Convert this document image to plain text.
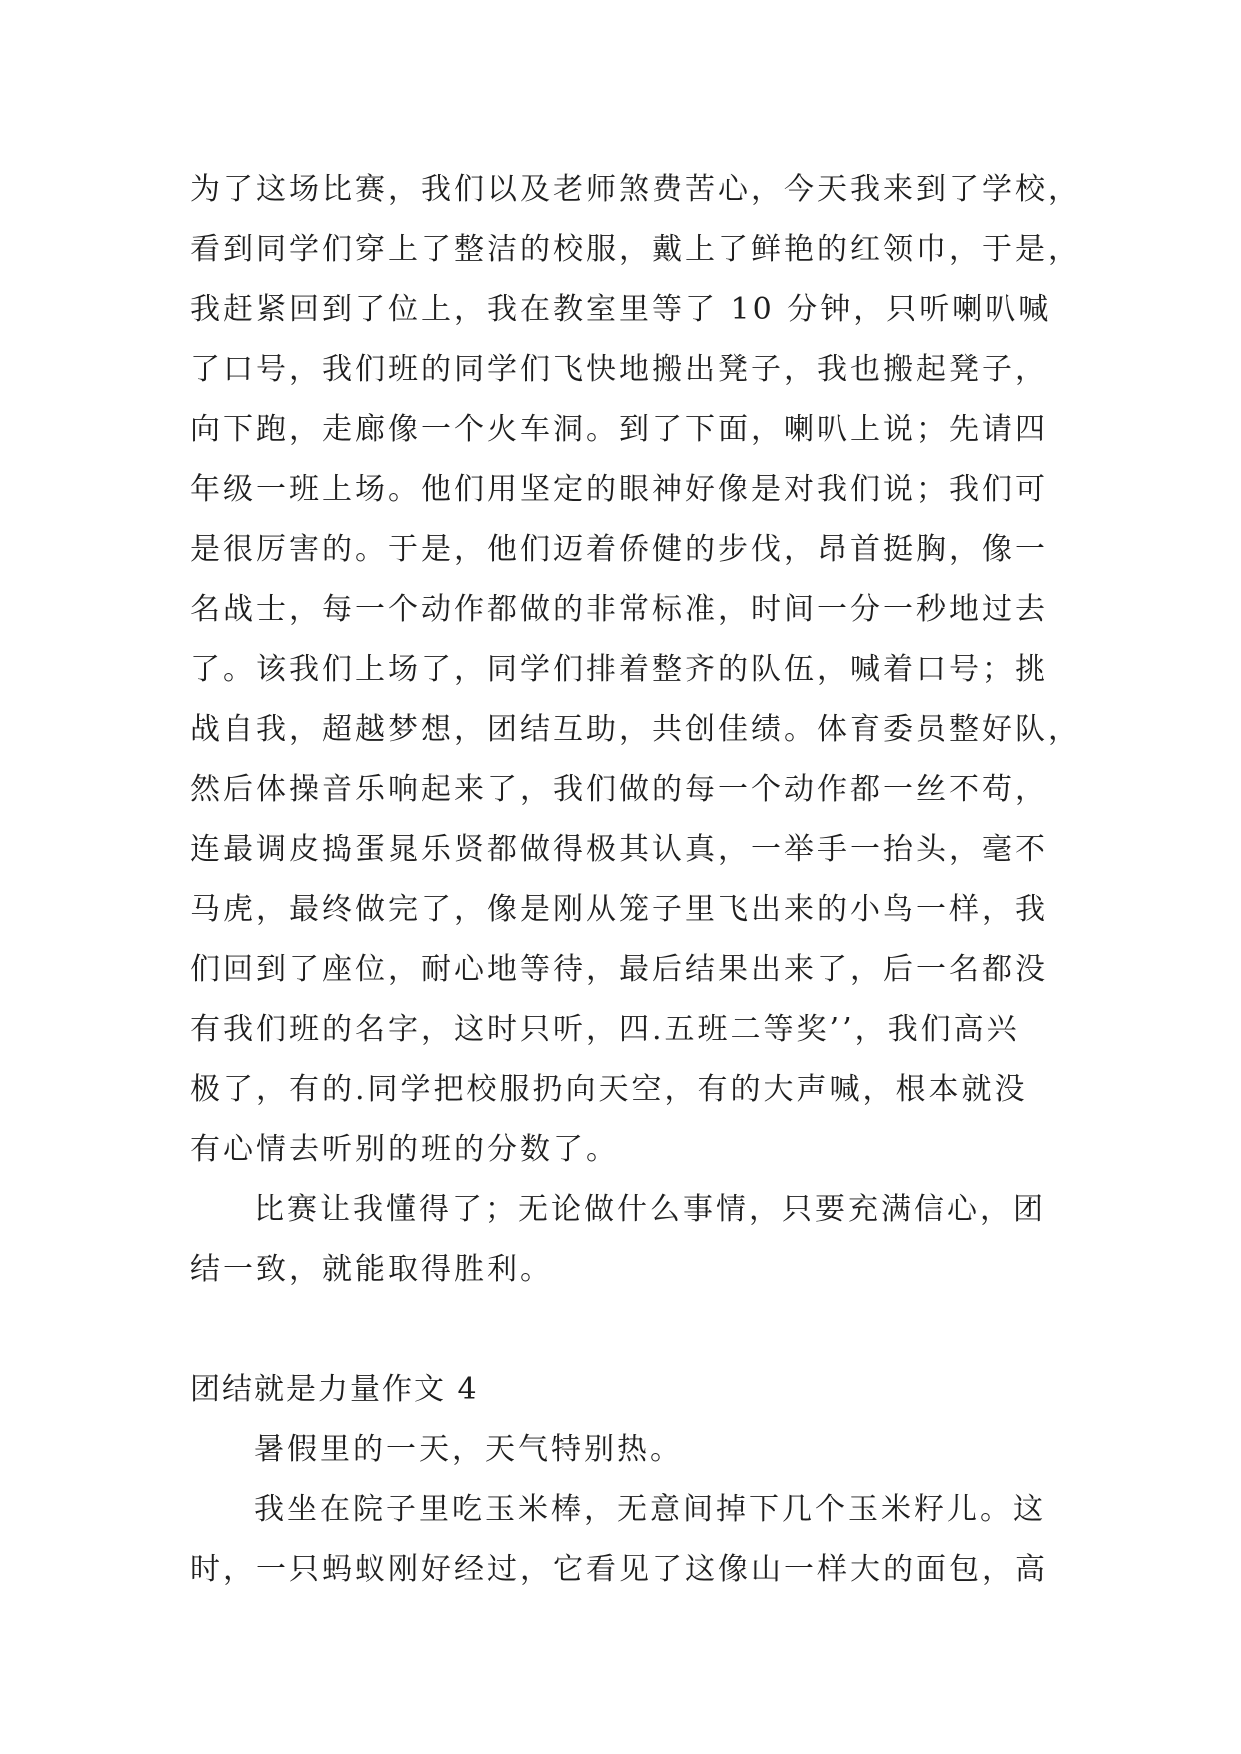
为了这场比赛，我们以及老师煞费苦心，今天我来到了学校，
看到同学们穿上了整洁的校服，戴上了鲜艳的红领巾，于是，
我赶紧回到了位上，我在教室里等了 10 分钟，只听喇叭喊
了口号，我们班的同学们飞快地搬出凳子，我也搬起凳子，
向下跑，走廊像一个火车洞。到了下面，喇叭上说；先请四
年级一班上场。他们用坚定的眼神好像是对我们说；我们可
是很厉害的。于是，他们迈着侨健的步伐，昂首挺胸，像一
名战士，每一个动作都做的非常标准，时间一分一秒地过去
了。该我们上场了，同学们排着整齐的队伍，喊着口号；挑
战自我，超越梦想，团结互助，共创佳绩。体育委员整好队，
然后体操音乐响起来了，我们做的每一个动作都一丝不苟，
连最调皮捣蛋晁乐贤都做得极其认真，一举手一抬头，毫不
马虎，最终做完了，像是刚从笼子里飞出来的小鸟一样，我
们回到了座位，耐心地等待，最后结果出来了，后一名都没
有我们班的名字，这时只听，四.五班二等奖’’，我们高兴
极了，有的.同学把校服扔向天空，有的大声喊，根本就没
有心情去听别的班的分数了。
比赛让我懂得了；无论做什么事情，只要充满信心，团
结一致，就能取得胜利。
团结就是力量作文 4
暑假里的一天，天气特别热。
我坐在院子里吃玉米棒，无意间掉下几个玉米籽儿。这
时，一只蚂蚁刚好经过，它看见了这像山一样大的面包，高
